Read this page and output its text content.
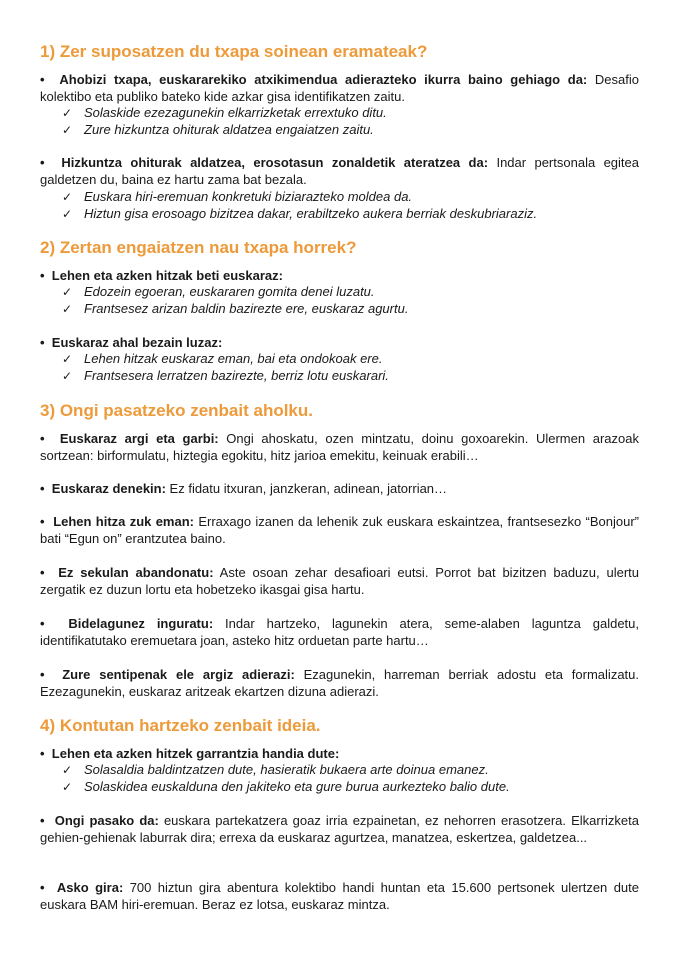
1) Zer suposatzen du txapa soinean eramateak?
•  Ahobizi txapa, euskararekiko atxikimendua adierazteko ikurra baino gehiago da: Desafio kolektibo eta publiko bateko kide azkar gisa identifikatzen zaitu.
✓ Solaskide ezezagunekin elkarrizketak errextuko ditu.
✓ Zure hizkuntza ohiturak aldatzea engaiatzen zaitu.
•  Hizkuntza ohiturak aldatzea, erosotasun zonaldetik ateratzea da: Indar pertsonala egitea galdetzen du, baina ez hartu zama bat bezala.
✓ Euskara hiri-eremuan konkretuki biziarazteko moldea da.
✓ Hiztun gisa erosoago bizitzea dakar, erabiltzeko aukera berriak deskubriaraziz.
2) Zertan engaiatzen nau txapa horrek?
•  Lehen eta azken hitzak beti euskaraz:
✓ Edozein egoeran, euskararen gomita denei luzatu.
✓ Frantsesez arizan baldin bazirezte ere, euskaraz agurtu.
•  Euskaraz ahal bezain luzaz:
✓ Lehen hitzak euskaraz eman, bai eta ondokoak ere.
✓ Frantsesera lerratzen bazirezte, berriz lotu euskarari.
3) Ongi pasatzeko zenbait aholku.
•  Euskaraz argi eta garbi: Ongi ahoskatu, ozen mintzatu, doinu goxoarekin. Ulermen arazoak sortzean: birformulatu, hiztegia egokitu, hitz jarioa emekitu, keinuak erabili…
•  Euskaraz denekin: Ez fidatu itxuran, janzkeran, adinean, jatorrian…
•  Lehen hitza zuk eman: Erraxago izanen da lehenik zuk euskara eskaintzea, frantsesezko “Bonjour” bati “Egun on” erantzutea baino.
•  Ez sekulan abandonatu: Aste osoan zehar desafioari eutsi. Porrot bat bizitzen baduzu, ulertu zergatik ez duzun lortu eta hobetzeko ikasgai gisa hartu.
•  Bidelagunez inguratu: Indar hartzeko, lagunekin atera, seme-alaben laguntza galdetu, identifikatutako eremuetara joan, asteko hitz orduetan parte hartu…
•  Zure sentipenak ele argiz adierazi: Ezagunekin, harreman berriak adostu eta formalizatu. Ezezagunekin, euskaraz aritzeak ekartzen dizuna adierazi.
4) Kontutan hartzeko zenbait ideia.
•  Lehen eta azken hitzek garrantzia handia dute:
✓ Solasaldia baldintzatzen dute, hasieratik bukaera arte doinua emanez.
✓ Solaskidea euskalduna den jakiteko eta gure burua aurkezteko balio dute.
•  Ongi pasako da: euskara partekatzera goaz irria ezpainetan, ez nehorren erasotzera. Elkarrizketa gehien-gehienak laburrak dira; errexa da euskaraz agurtzea, manatzea, eskertzea, galdetzea...
•  Asko gira: 700 hiztun gira abentura kolektibo handi huntan eta 15.600 pertsonek ulertzen dute euskara BAM hiri-eremuan. Beraz ez lotsa, euskaraz mintza.
